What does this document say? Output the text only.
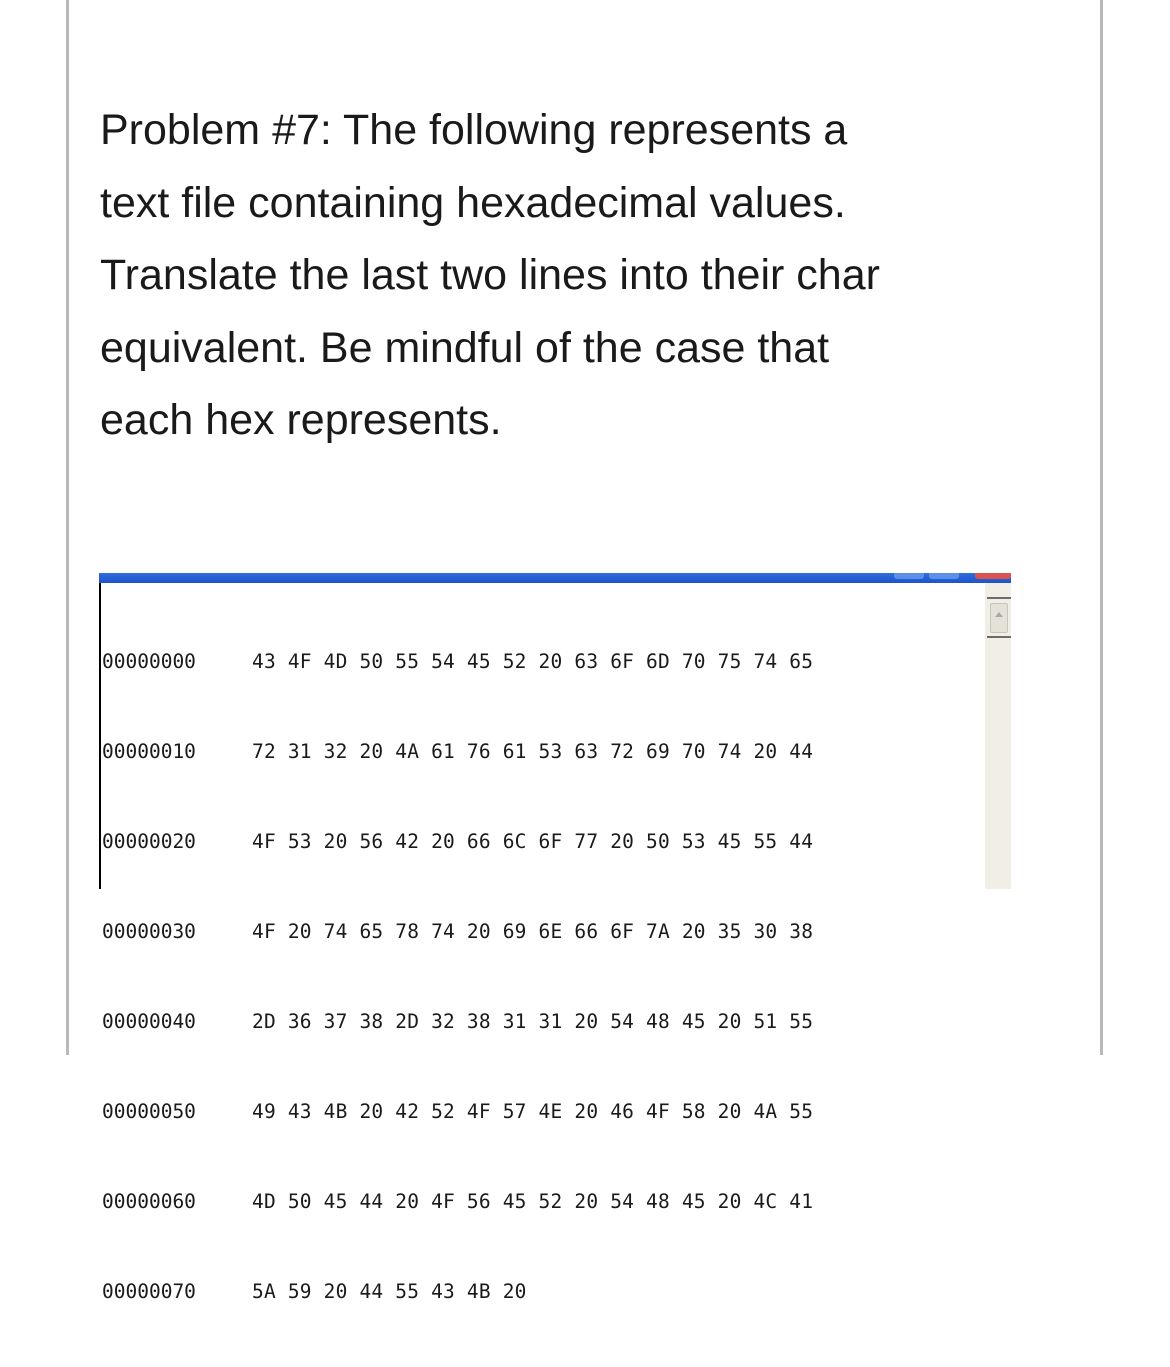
Problem #7: The following represents a
text file containing hexadecimal values.
Translate the last two lines into their char
equivalent. Be mindful of the case that
each hex represents.

00000000	43 4F 4D 50 55 54 45 52 20 63 6F 6D 70 75 74 65

00000010	72 31 32 20 4A 61 76 61 53 63 72 69 70 74 20 44

00000020	4F 53 20 56 42 20 66 6C 6F 77 20 50 53 45 55 44

00000030	4F 20 74 65 78 74 20 69 6E 66 6F 7A 20 35 30 38

00000040	2D 36 37 38 2D 32 38 31 31 20 54 48 45 20 51 55

00000050	49 43 4B 20 42 52 4F 57 4E 20 46 4F 58 20 4A 55

00000060	4D 50 45 44 20 4F 56 45 52 20 54 48 45 20 4C 41

00000070	5A 59 20 44 55 43 4B 20
